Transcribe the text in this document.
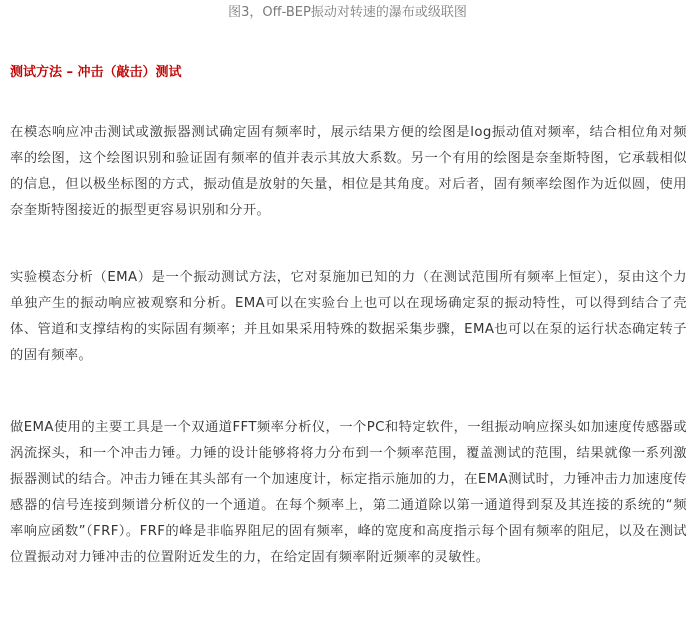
图3，Off-BEP振动对转速的瀑布或级联图
测试方法 – 冲击（敲击）测试

在模态响应冲击测试或激振器测试确定固有频率时，展示结果方便的绘图是log振动值对频率，结合相位角对频率的绘图，这个绘图识别和验证固有频率的值并表示其放大系数。另一个有用的绘图是奈奎斯特图，它承载相似的信息，但以极坐标图的方式，振动值是放射的矢量，相位是其角度。对后者，固有频率绘图作为近似圆，使用奈奎斯特图接近的振型更容易识别和分开。

实验模态分析（EMA）是一个振动测试方法，它对泵施加已知的力（在测试范围所有频率上恒定），泵由这个力单独产生的振动响应被观察和分析。EMA可以在实验台上也可以在现场确定泵的振动特性，可以得到结合了壳体、管道和支撑结构的实际固有频率；并且如果采用特殊的数据采集步骤，EMA也可以在泵的运行状态确定转子的固有频率。

做EMA使用的主要工具是一个双通道FFT频率分析仪，一个PC和特定软件，一组振动响应探头如加速度传感器或涡流探头，和一个冲击力锤。力锤的设计能够将将力分布到一个频率范围，覆盖测试的范围，结果就像一系列激振器测试的结合。冲击力锤在其头部有一个加速度计，标定指示施加的力，在EMA测试时，力锤冲击力加速度传感器的信号连接到频谱分析仪的一个通道。在每个频率上，第二通道除以第一通道得到泵及其连接的系统的“频率响应函数”（FRF）。FRF的峰是非临界阻尼的固有频率，峰的宽度和高度指示每个固有频率的阻尼，以及在测试位置振动对力锤冲击的位置附近发生的力，在给定固有频率附近频率的灵敏性。
